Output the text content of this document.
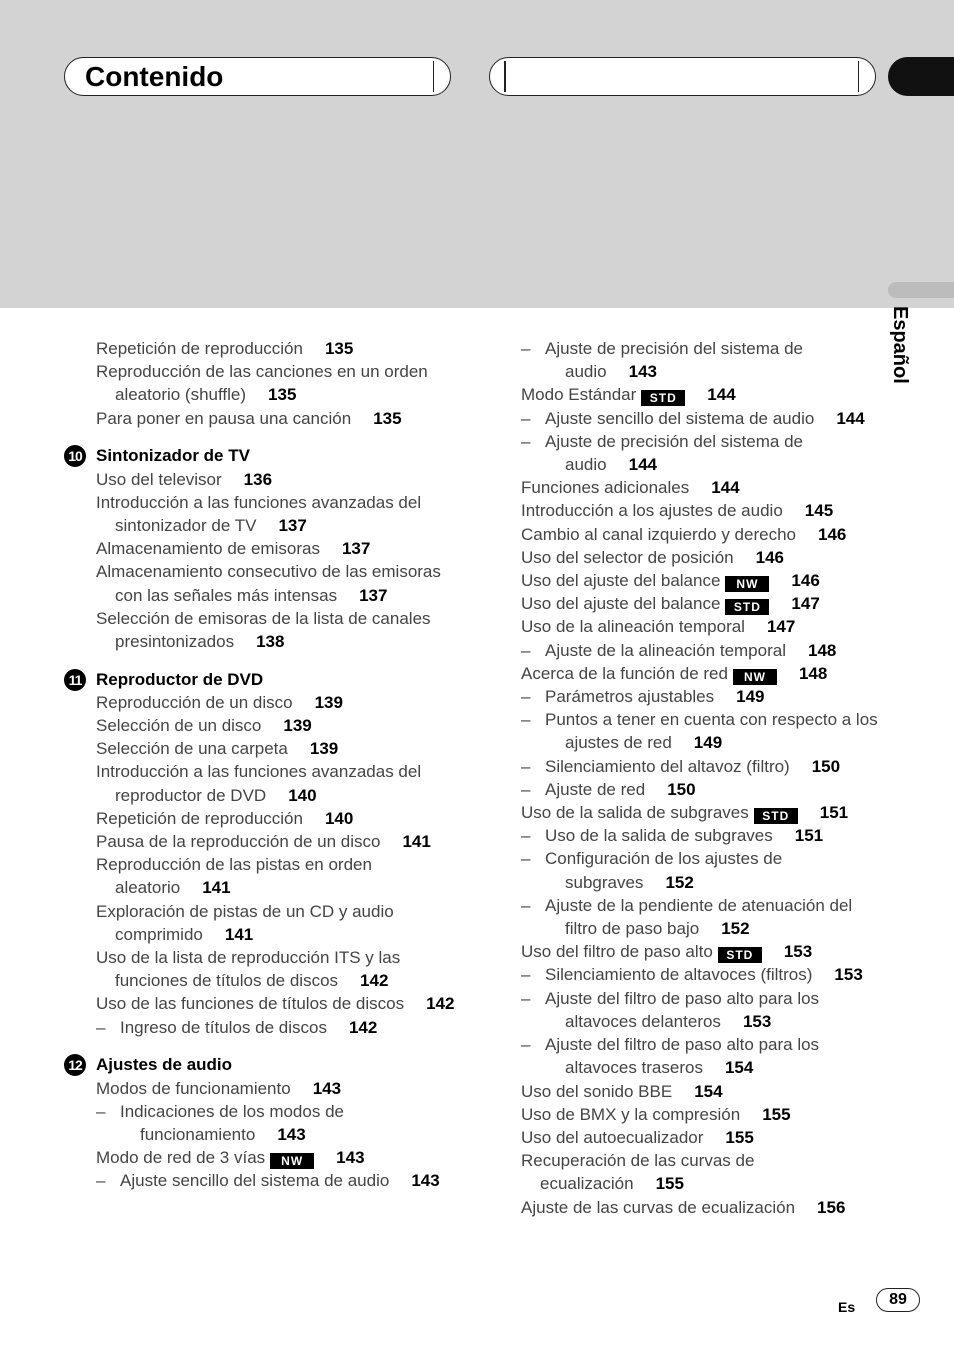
Contenido
Español
Repetición de reproducción 135
Reproducción de las canciones en un orden aleatorio (shuffle) 135
Para poner en pausa una canción 135
10 Sintonizador de TV
Uso del televisor 136
Introducción a las funciones avanzadas del sintonizador de TV 137
Almacenamiento de emisoras 137
Almacenamiento consecutivo de las emisoras con las señales más intensas 137
Selección de emisoras de la lista de canales presintonizados 138
11 Reproductor de DVD
Reproducción de un disco 139
Selección de un disco 139
Selección de una carpeta 139
Introducción a las funciones avanzadas del reproductor de DVD 140
Repetición de reproducción 140
Pausa de la reproducción de un disco 141
Reproducción de las pistas en orden aleatorio 141
Exploración de pistas de un CD y audio comprimido 141
Uso de la lista de reproducción ITS y las funciones de títulos de discos 142
Uso de las funciones de títulos de discos 142
– Ingreso de títulos de discos 142
12 Ajustes de audio
Modos de funcionamiento 143
– Indicaciones de los modos de funcionamiento 143
Modo de red de 3 vías NW 143
– Ajuste sencillo del sistema de audio 143
– Ajuste de precisión del sistema de audio 143
Modo Estándar STD 144
– Ajuste sencillo del sistema de audio 144
– Ajuste de precisión del sistema de audio 144
Funciones adicionales 144
Introducción a los ajustes de audio 145
Cambio al canal izquierdo y derecho 146
Uso del selector de posición 146
Uso del ajuste del balance NW 146
Uso del ajuste del balance STD 147
Uso de la alineación temporal 147
– Ajuste de la alineación temporal 148
Acerca de la función de red NW 148
– Parámetros ajustables 149
– Puntos a tener en cuenta con respecto a los ajustes de red 149
– Silenciamiento del altavoz (filtro) 150
– Ajuste de red 150
Uso de la salida de subgraves STD 151
– Uso de la salida de subgraves 151
– Configuración de los ajustes de subgraves 152
– Ajuste de la pendiente de atenuación del filtro de paso bajo 152
Uso del filtro de paso alto STD 153
– Silenciamiento de altavoces (filtros) 153
– Ajuste del filtro de paso alto para los altavoces delanteros 153
– Ajuste del filtro de paso alto para los altavoces traseros 154
Uso del sonido BBE 154
Uso de BMX y la compresión 155
Uso del autoecualizador 155
Recuperación de las curvas de ecualización 155
Ajuste de las curvas de ecualización 156
Es	89
